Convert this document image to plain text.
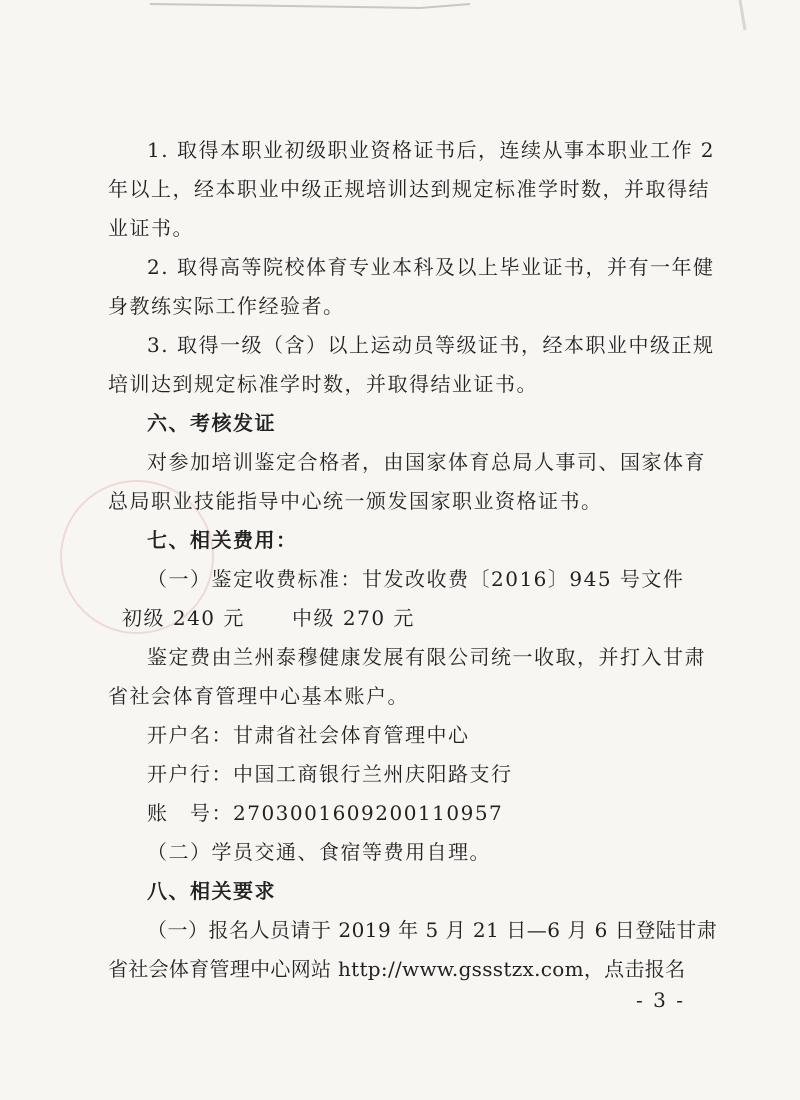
1. 取得本职业初级职业资格证书后，连续从事本职业工作 2
年以上，经本职业中级正规培训达到规定标准学时数，并取得结
业证书。
2. 取得高等院校体育专业本科及以上毕业证书，并有一年健
身教练实际工作经验者。
3. 取得一级（含）以上运动员等级证书，经本职业中级正规
培训达到规定标准学时数，并取得结业证书。
六、考核发证
对参加培训鉴定合格者，由国家体育总局人事司、国家体育
总局职业技能指导中心统一颁发国家职业资格证书。
七、相关费用：
（一）鉴定收费标准：甘发改收费〔2016〕945 号文件
初级 240 元      中级 270 元
鉴定费由兰州泰穆健康发展有限公司统一收取，并打入甘肃
省社会体育管理中心基本账户。
开户名：甘肃省社会体育管理中心
开户行：中国工商银行兰州庆阳路支行
账　号：2703001609200110957
（二）学员交通、食宿等费用自理。
八、相关要求
（一）报名人员请于 2019 年 5 月 21 日—6 月 6 日登陆甘肃
省社会体育管理中心网站 http://www.gssstzx.com，点击报名
- 3 -
